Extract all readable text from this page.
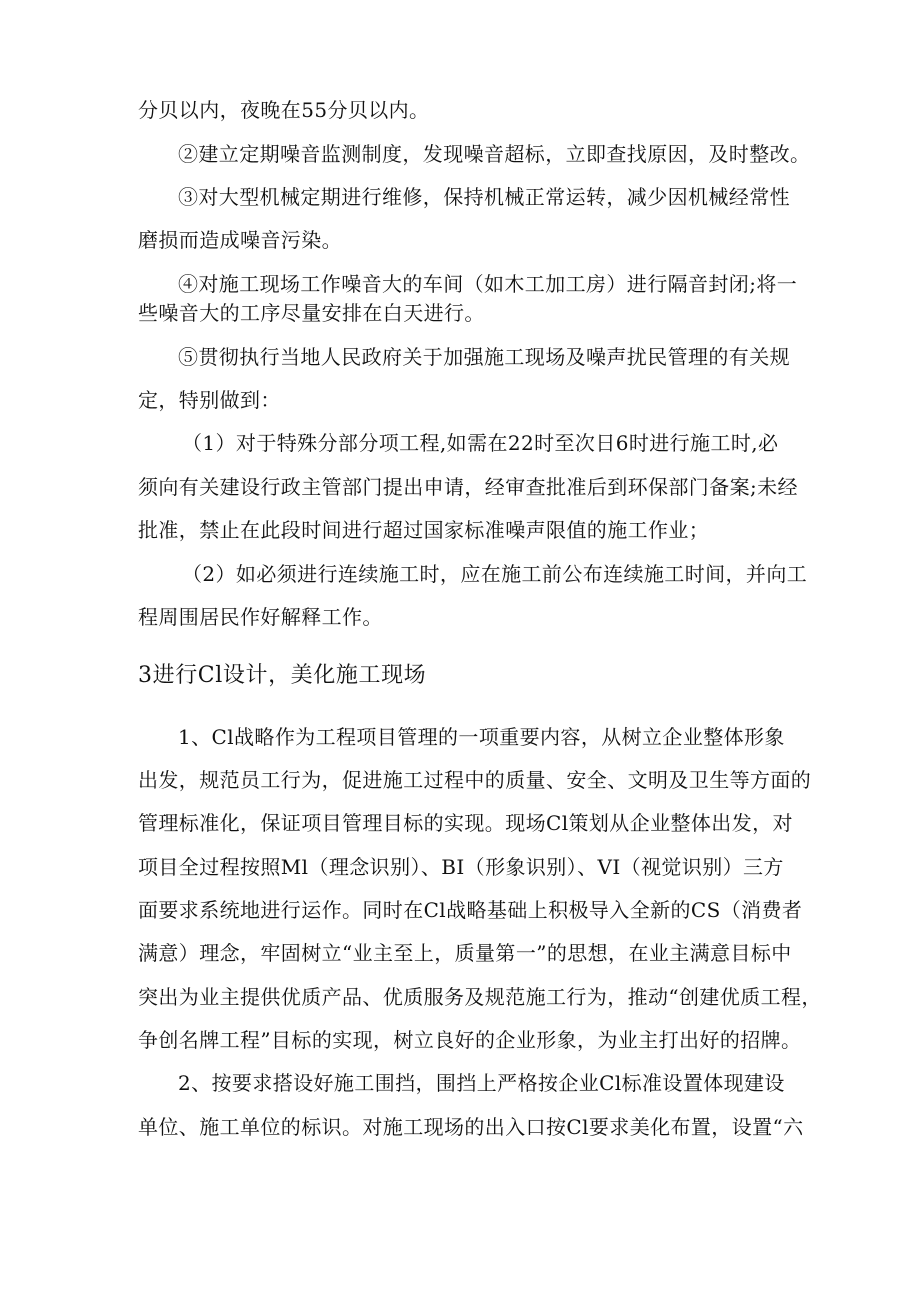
分贝以内，夜晚在55分贝以内。
②建立定期噪音监测制度，发现噪音超标，立即查找原因，及时整改。
③对大型机械定期进行维修，保持机械正常运转，减少因机械经常性
磨损而造成噪音污染。
④对施工现场工作噪音大的车间（如木工加工房）进行隔音封闭;将一
些噪音大的工序尽量安排在白天进行。
⑤贯彻执行当地人民政府关于加强施工现场及噪声扰民管理的有关规
定，特别做到：
（1）对于特殊分部分项工程,如需在22时至次日6时进行施工时,必
须向有关建设行政主管部门提出申请，经审查批准后到环保部门备案;未经
批准，禁止在此段时间进行超过国家标准噪声限值的施工作业；
（2）如必须进行连续施工时，应在施工前公布连续施工时间，并向工
程周围居民作好解释工作。
3进行Cl设计，美化施工现场
1、Cl战略作为工程项目管理的一项重要内容，从树立企业整体形象
出发，规范员工行为，促进施工过程中的质量、安全、文明及卫生等方面的
管理标准化，保证项目管理目标的实现。现场Cl策划从企业整体出发，对
项目全过程按照Ml（理念识别）、BI（形象识别）、VI（视觉识别）三方
面要求系统地进行运作。同时在Cl战略基础上积极导入全新的CS（消费者
满意）理念，牢固树立“业主至上，质量第一”的思想，在业主满意目标中
突出为业主提供优质产品、优质服务及规范施工行为，推动“创建优质工程，
争创名牌工程”目标的实现，树立良好的企业形象，为业主打出好的招牌。
2、按要求搭设好施工围挡，围挡上严格按企业Cl标准设置体现建设
单位、施工单位的标识。对施工现场的出入口按Cl要求美化布置，设置“六
